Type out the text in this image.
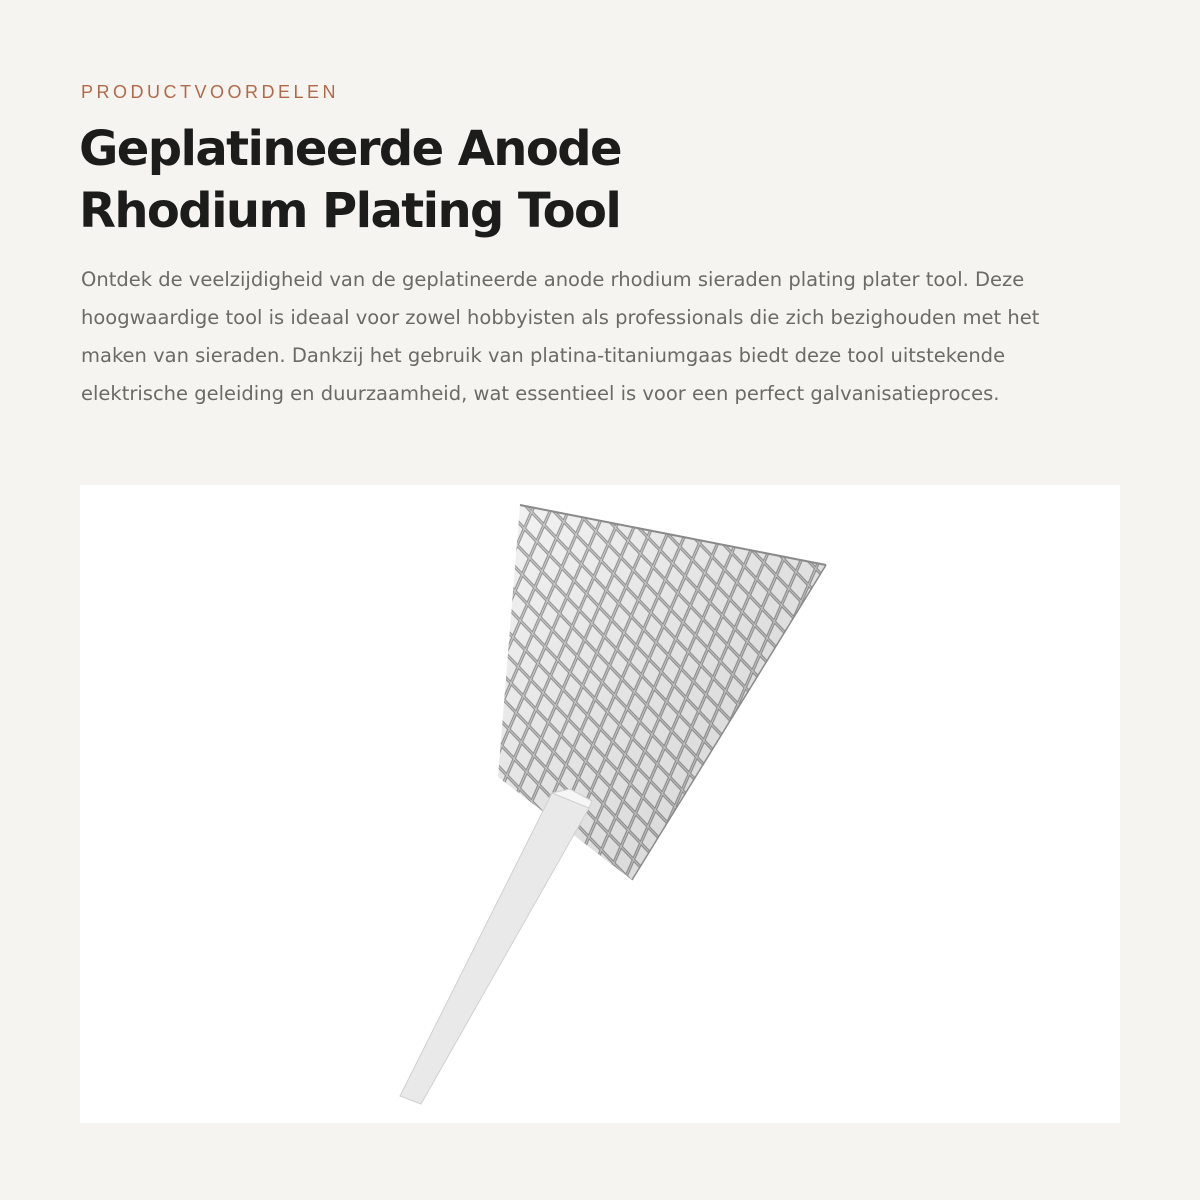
PRODUCTVOORDELEN
Geplatineerde Anode
Rhodium Plating Tool

Ontdek de veelzijdigheid van de geplatineerde anode rhodium sieraden plating plater tool. Deze hoogwaardige tool is ideaal voor zowel hobbyisten als professionals die zich bezighouden met het maken van sieraden. Dankzij het gebruik van platina-titaniumgaas biedt deze tool uitstekende elektrische geleiding en duurzaamheid, wat essentieel is voor een perfect galvanisatieproces.
